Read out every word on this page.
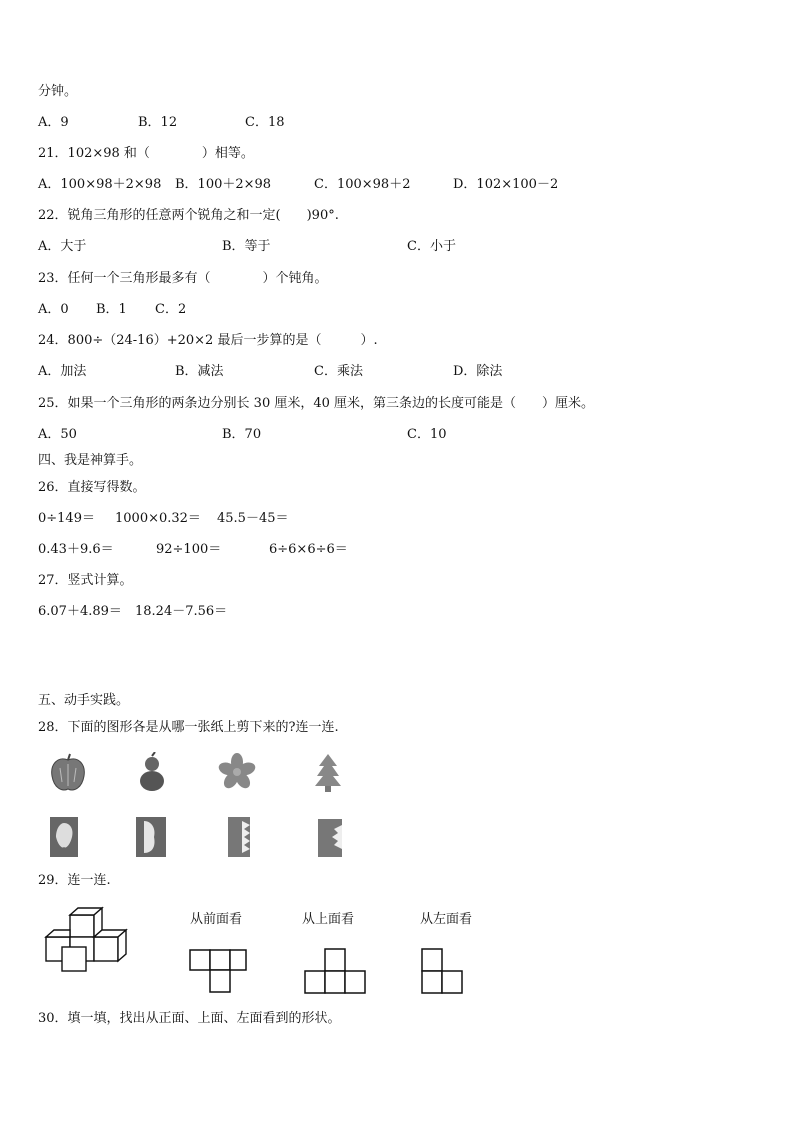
分钟。
A．9	B．12	C．18
21．102×98 和（　　　　）相等。
A．100×98＋2×98 B．100＋2×98	C．100×98＋2	D．102×100－2
22．锐角三角形的任意两个锐角之和一定(　　)90°.
A．大于	B．等于	C．小于
23．任何一个三角形最多有（　　　　）个钝角。
A．0 B．1 C．2
24．800÷（24-16）+20×2 最后一步算的是（　　　）.
A．加法	B．减法	C．乘法	D．除法
25．如果一个三角形的两条边分别长 30 厘米，40 厘米，第三条边的长度可能是（　　）厘米。
A．50	B．70	C．10
四、我是神算手。
26．直接写得数。
0÷149＝ 1000×0.32＝ 45.5－45＝
0.43＋9.6＝	92÷100＝	6÷6×6÷6＝
27．竖式计算。
6.07＋4.89＝ 18.24－7.56＝
五、动手实践。
28．下面的图形各是从哪一张纸上剪下来的?连一连.
29．连一连.
从前面看	从上面看	从左面看
30．填一填，找出从正面、上面、左面看到的形状。
